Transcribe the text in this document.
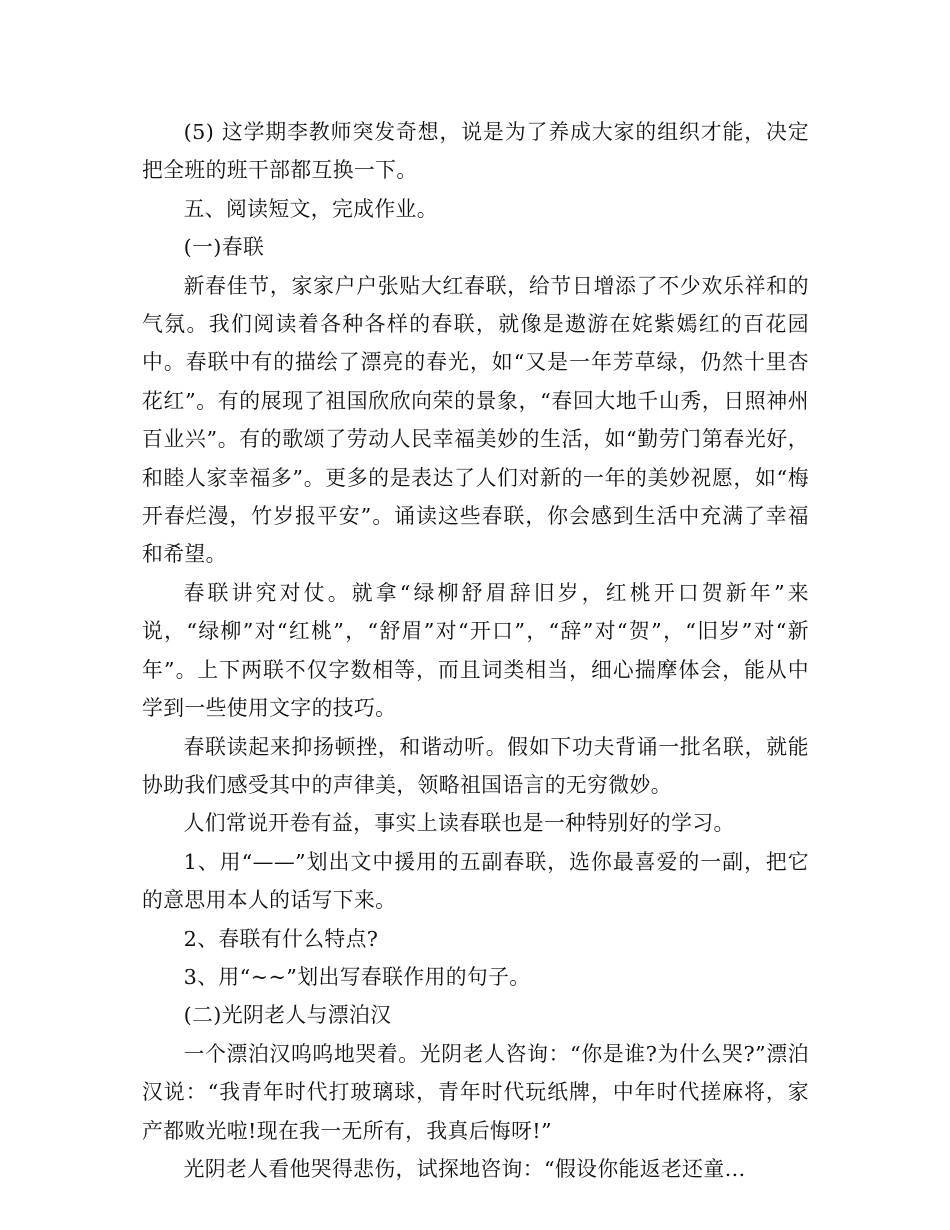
(5) 这学期李教师突发奇想，说是为了养成大家的组织才能，决定把全班的班干部都互换一下。

五、阅读短文，完成作业。

(一)春联

新春佳节，家家户户张贴大红春联，给节日增添了不少欢乐祥和的气氛。我们阅读着各种各样的春联，就像是遨游在姹紫嫣红的百花园中。春联中有的描绘了漂亮的春光，如“又是一年芳草绿，仍然十里杏花红”。有的展现了祖国欣欣向荣的景象，“春回大地千山秀，日照神州百业兴”。有的歌颂了劳动人民幸福美妙的生活，如“勤劳门第春光好，和睦人家幸福多”。更多的是表达了人们对新的一年的美妙祝愿，如“梅开春烂漫，竹岁报平安”。诵读这些春联，你会感到生活中充满了幸福和希望。

春联讲究对仗。就拿“绿柳舒眉辞旧岁，红桃开口贺新年”来说，“绿柳”对“红桃”，“舒眉”对“开口”，“辞”对“贺”，“旧岁”对“新年”。上下两联不仅字数相等，而且词类相当，细心揣摩体会，能从中学到一些使用文字的技巧。

春联读起来抑扬顿挫，和谐动听。假如下功夫背诵一批名联，就能协助我们感受其中的声律美，领略祖国语言的无穷微妙。

人们常说开卷有益，事实上读春联也是一种特别好的学习。

1、用“——”划出文中援用的五副春联，选你最喜爱的一副，把它的意思用本人的话写下来。

2、春联有什么特点?

3、用“~~”划出写春联作用的句子。

(二)光阴老人与漂泊汉

一个漂泊汉呜呜地哭着。光阴老人咨询：“你是谁?为什么哭?”漂泊汉说：“我青年时代打玻璃球，青年时代玩纸牌，中年时代搓麻将，家产都败光啦!现在我一无所有，我真后悔呀!”

光阴老人看他哭得悲伤，试探地咨询：“假设你能返老还童…
